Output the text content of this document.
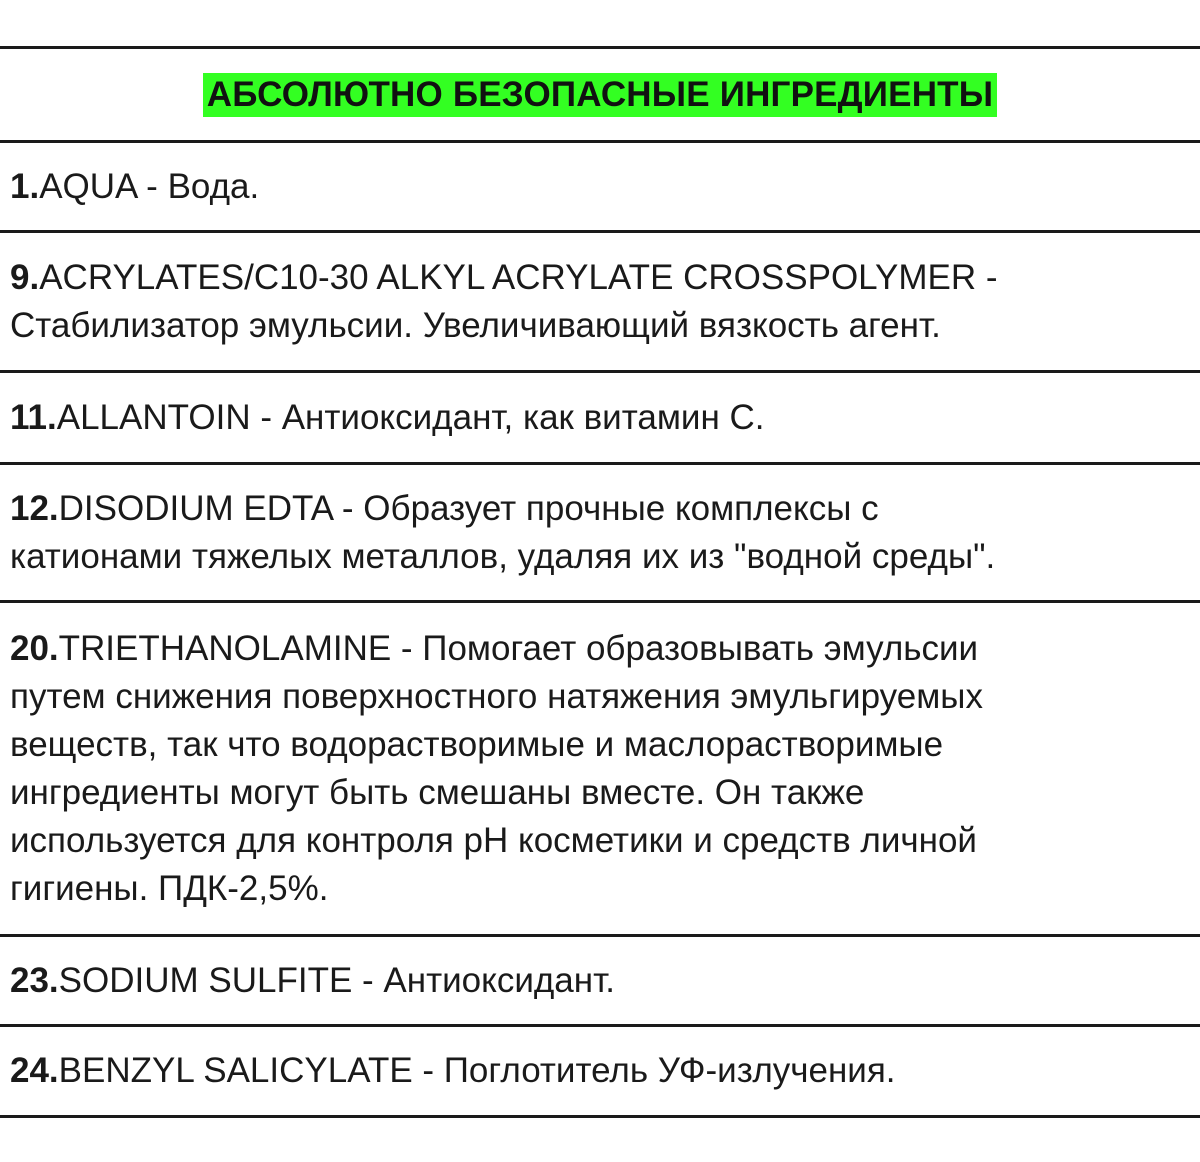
АБСОЛЮТНО БЕЗОПАСНЫЕ ИНГРЕДИЕНТЫ
1.AQUA - Вода.
9.ACRYLATES/C10-30 ALKYL ACRYLATE CROSSPOLYMER -
Стабилизатор эмульсии. Увеличивающий вязкость агент.
11.ALLANTOIN - Антиоксидант, как витамин С.
12.DISODIUM EDTA - Образует прочные комплексы с
катионами тяжелых металлов, удаляя их из "водной среды".
20.TRIETHANOLAMINE - Помогает образовывать эмульсии
путем снижения поверхностного натяжения эмульгируемых
веществ, так что водорастворимые и маслорастворимые
ингредиенты могут быть смешаны вместе. Он также
используется для контроля рН косметики и средств личной
гигиены. ПДК-2,5%.
23.SODIUM SULFITE - Антиоксидант.
24.BENZYL SALICYLATE - Поглотитель УФ-излучения.
